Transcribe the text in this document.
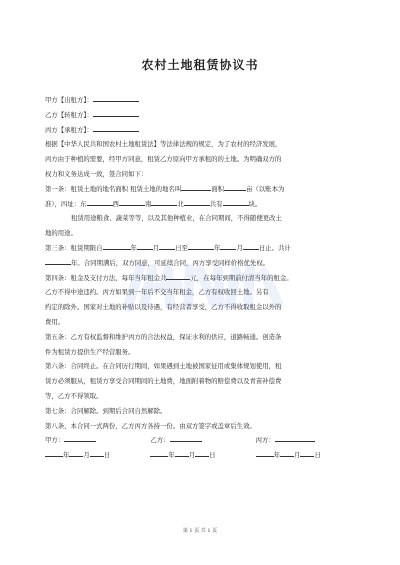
农村土地租赁协议书
甲方【出租方】：
乙方【转租方】：
丙方【承租方】：
根据【中华人民共和国农村土地租赁法】等法律法规的规定，为了农村的经济发展，
丙方由于种植的需要，经甲方同意，租赁乙方原向甲方承租的的土地。为明确双方的
权力和义务达成一致，签合同如下：
第一条：租赁土地的地名面积 租赁土地的地名叫	面积	亩（以账本为
准），四址：东	西	南	北	共有	块。
租赁用途粮食、蔬菜等等，以及其他种植业，在合同期间，不得随便更改土
地的用途。
第三条：租赁期限自	年	月	日至	年	月	日止。共计
年。合同期满后，双方同意，可延续合同，丙方享受同样价格优先权。
第四条：租金及支付方法，每年当年租金共	元，在每年到期前付清当年的租金。
乙方不得中途违约。丙方如果到一年后不交当年租金，乙方有权收回土地。另有
约定的除外。国家对土地的补贴以及待遇，有经营者享受，乙方不得收取租金以外的
费用。
第五条：乙方有权监督和维护丙方的合法权益，保证水利的供应，道路畅通。创造条
件为租赁方提供生产经营服务。
第六条：合同终止。在合同历行期间，如果遇到土地被国家征用或集体规划使用，租
赁方必须服从，租赁方享受合同期间的土地费，地面附着物的赔偿费以及青苗补偿费
等，乙方不得领取。
第七条：合同解除。到期后合同自然解除。
第八条、本合同一式两份，乙方丙方各持一份。由双方签字或盖章后生效。
甲方：	乙方：	丙方：
年 月 日	年 月 日	年 月 日
第 1 页 共 1 页
